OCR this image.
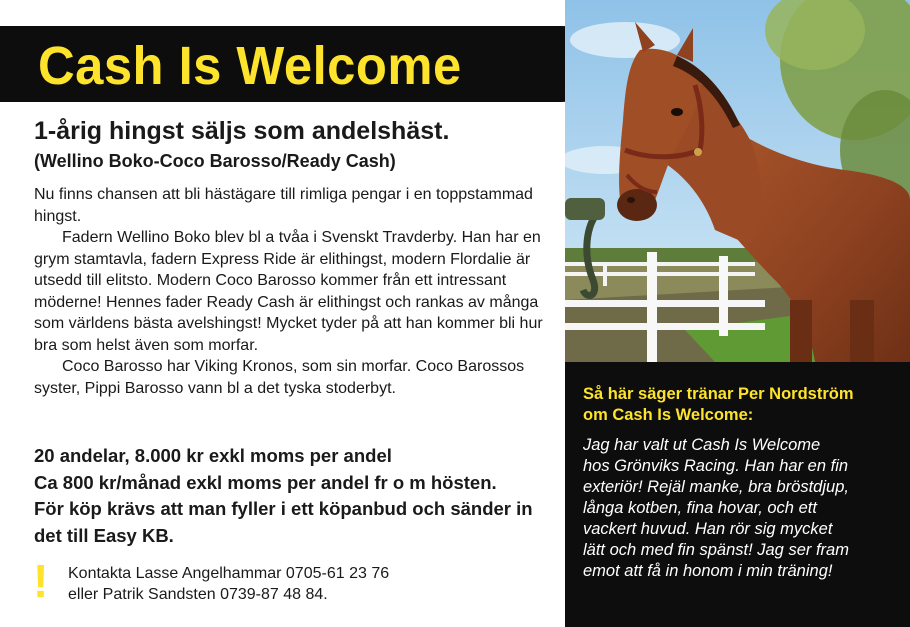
Cash Is Welcome
1-årig hingst säljs som andelshäst.
(Wellino Boko-Coco Barosso/Ready Cash)

Nu finns chansen att bli hästägare till rimliga pengar i en toppstammad hingst.

Fadern Wellino Boko blev bl a tvåa i Svenskt Travderby. Han har en grym stamtavla, fadern Express Ride är elithingst, modern Flordalie är utsedd till elitsto. Modern Coco Barosso kommer från ett intressant möderne! Hennes fader Ready Cash är elithingst och rankas av många som världens bästa avelshingst! Mycket tyder på att han kommer bli hur bra som helst även som morfar.

Coco Barosso har Viking Kronos, som sin morfar. Coco Barossos syster, Pippi Barosso vann bl a det tyska stoderbyt.

20 andelar, 8.000 kr exkl moms per andel

Ca 800 kr/månad exkl moms per andel fr o m hösten.

För köp krävs att man fyller i ett köpanbud och sänder in det till Easy KB.

! Kontakta Lasse Angelhammar 0705-61 23 76
eller Patrik Sandsten 0739-87 48 84.
Så här säger tränar Per Nordström
om Cash Is Welcome:
Jag har valt ut Cash Is Welcome
hos Grönviks Racing. Han har en fin
exteriör! Rejäl manke, bra bröstdjup,
långa kotben, fina hovar, och ett
vackert huvud. Han rör sig mycket
lätt och med fin spänst! Jag ser fram
emot att få in honom i min träning!
